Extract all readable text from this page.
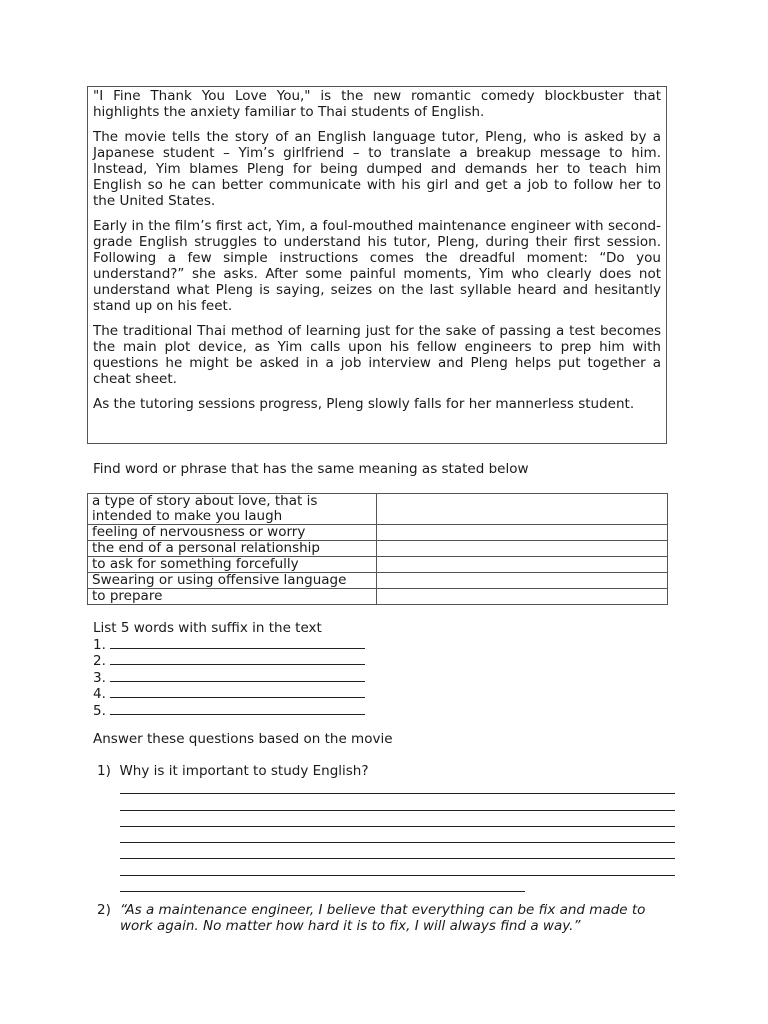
"I Fine Thank You Love You," is the new romantic comedy blockbuster that highlights the anxiety familiar to Thai students of English.

The movie tells the story of an English language tutor, Pleng, who is asked by a Japanese student – Yim’s girlfriend – to translate a breakup message to him. Instead, Yim blames Pleng for being dumped and demands her to teach him English so he can better communicate with his girl and get a job to follow her to the United States.

Early in the film’s first act, Yim, a foul-mouthed maintenance engineer with second-grade English struggles to understand his tutor, Pleng, during their first session. Following a few simple instructions comes the dreadful moment: “Do you understand?” she asks. After some painful moments, Yim who clearly does not understand what Pleng is saying, seizes on the last syllable heard and hesitantly stand up on his feet.

The traditional Thai method of learning just for the sake of passing a test becomes the main plot device, as Yim calls upon his fellow engineers to prep him with questions he might be asked in a job interview and Pleng helps put together a cheat sheet.

As the tutoring sessions progress, Pleng slowly falls for her mannerless student.

Find word or phrase that has the same meaning as stated below
a type of story about love, that is intended to make you laugh	
feeling of nervousness or worry	
the end of a personal relationship	
to ask for something forcefully	
Swearing or using offensive language	
to prepare	
List 5 words with suffix in the text
1.
2.
3.
4.
5.
Answer these questions based on the movie
1) Why is it important to study English?
2) “As a maintenance engineer, I believe that everything can be fix and made to work again. No matter how hard it is to fix, I will always find a way.”
